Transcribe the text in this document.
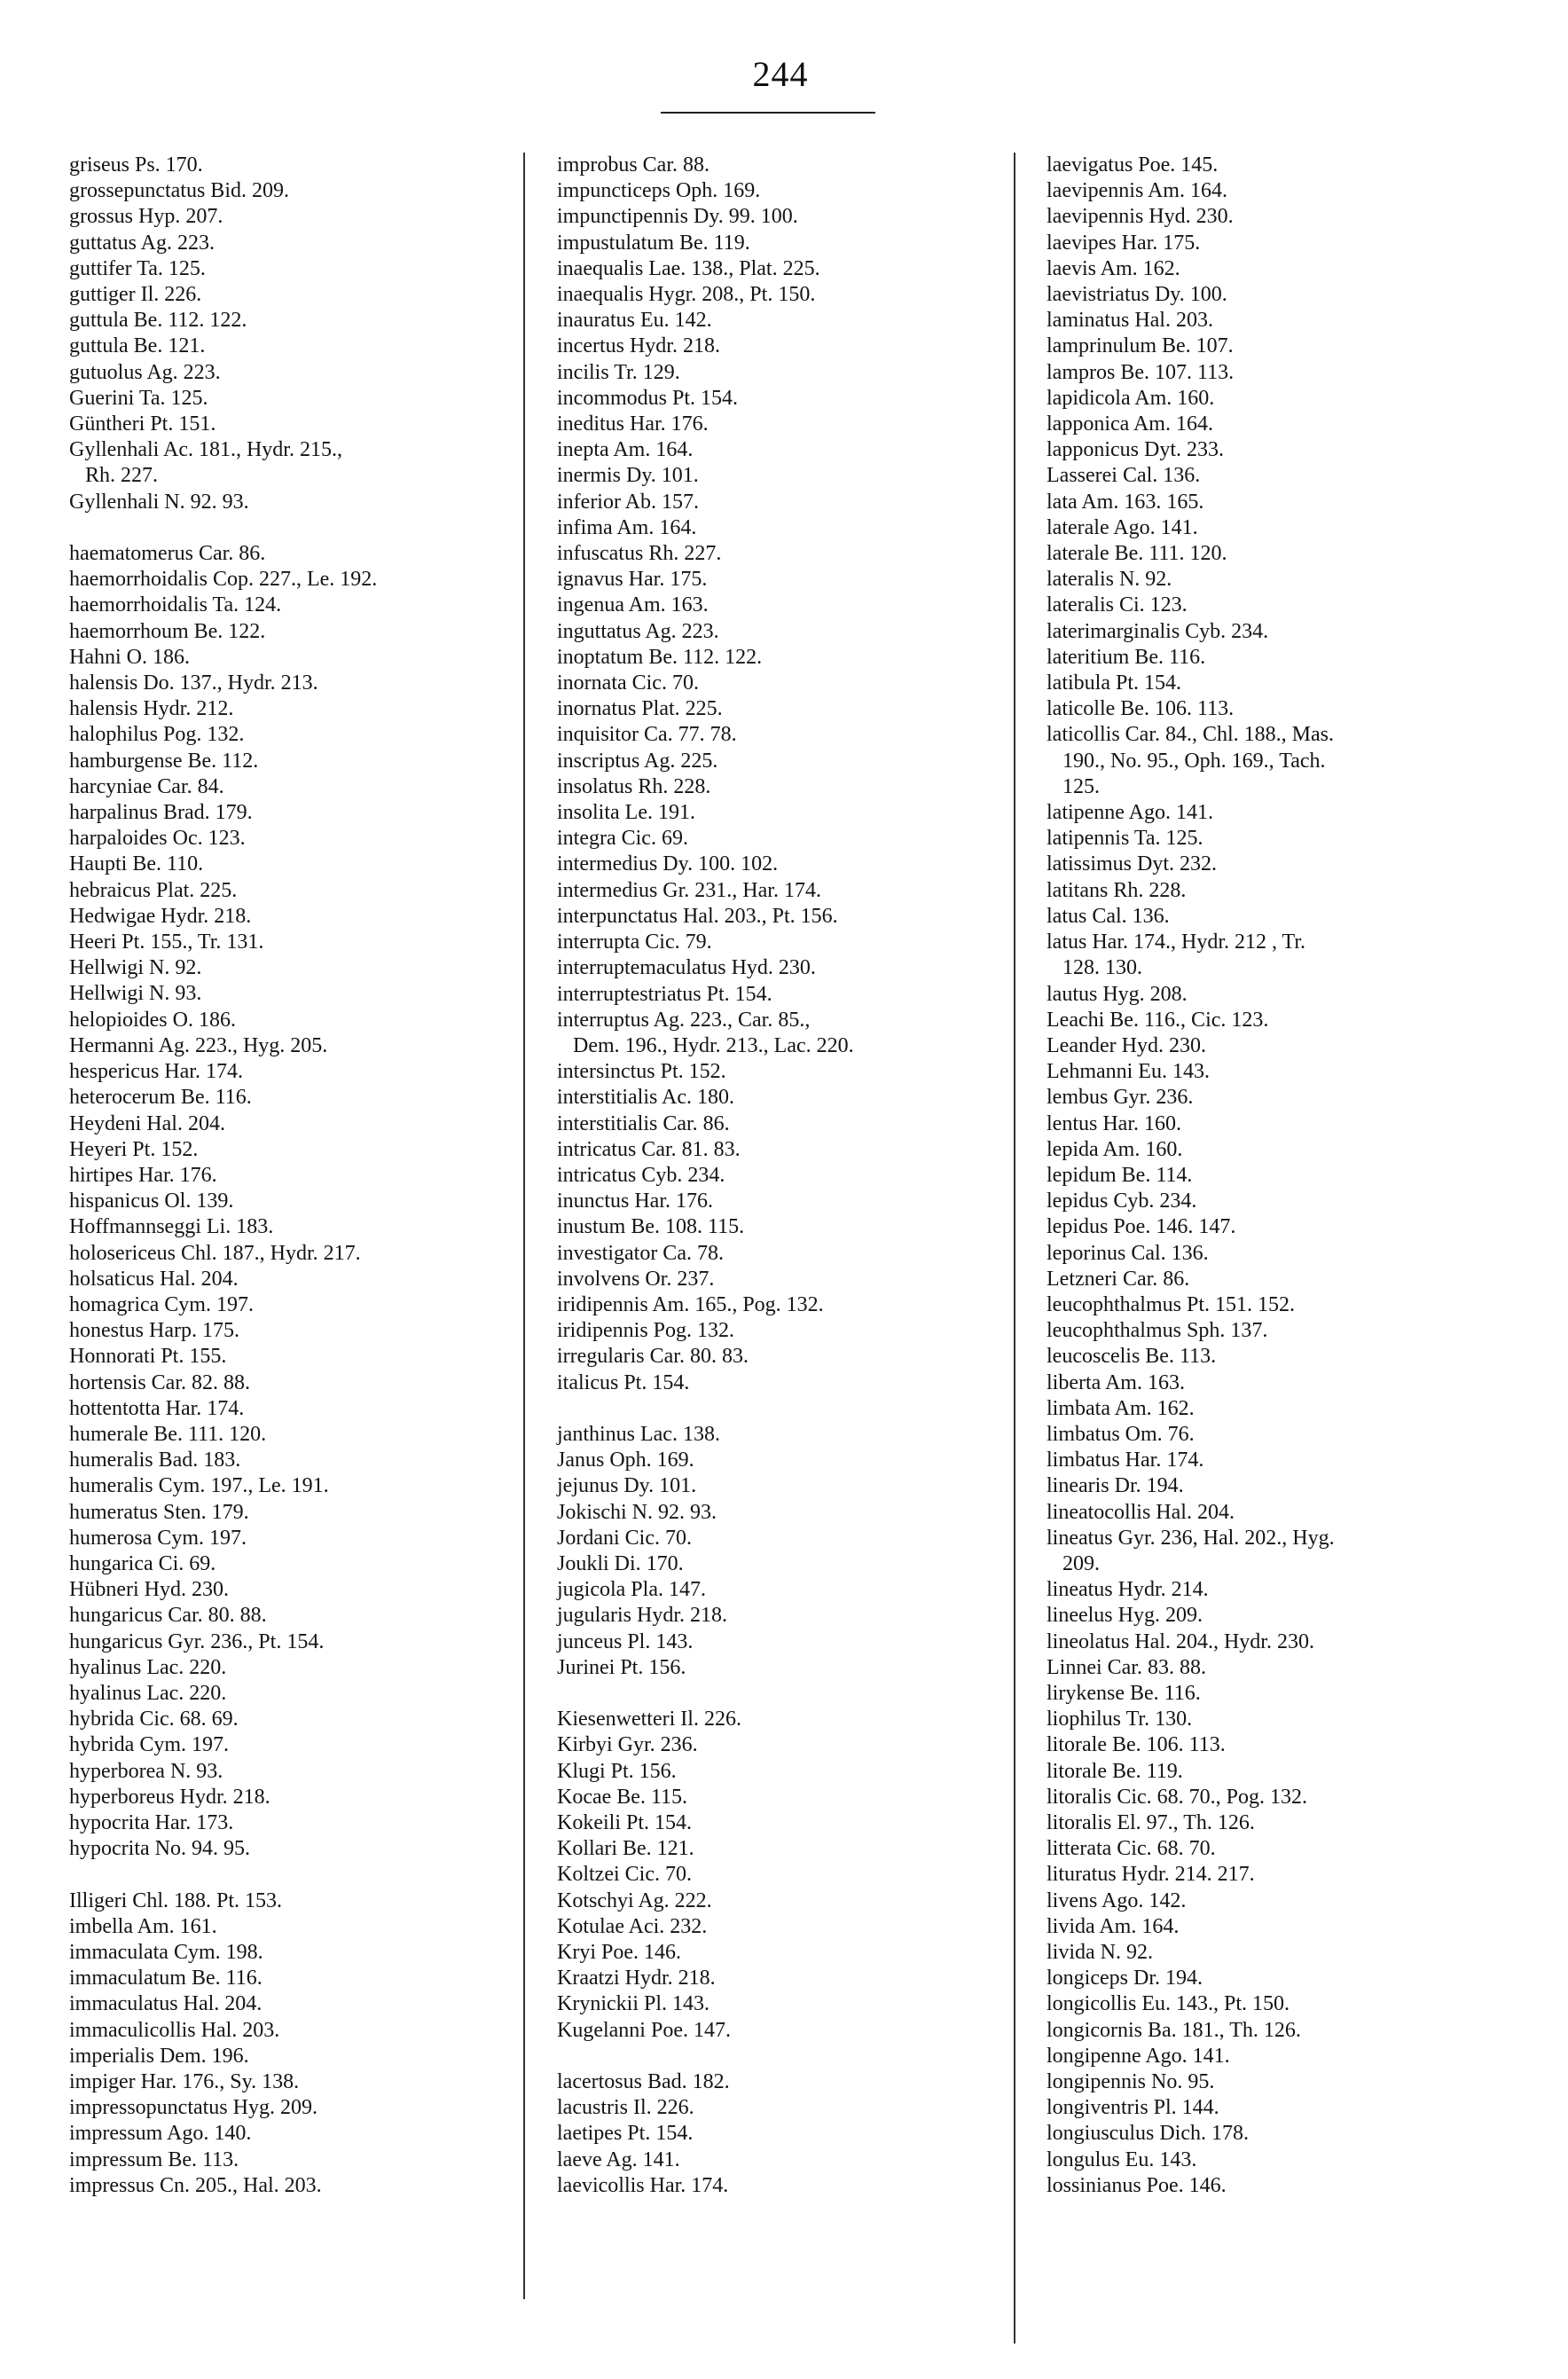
244
griseus Ps. 170.
grossepunctatus Bid. 209.
grossus Hyp. 207.
guttatus Ag. 223.
guttifer Ta. 125.
guttiger Il. 226.
guttula Be. 112. 122.
guttula Be. 121.
gutuolus Ag. 223.
Guerini Ta. 125.
Güntheri Pt. 151.
Gyllenhali Ac. 181., Hydr. 215.,
Rh. 227.
Gyllenhali N. 92. 93.
haematomerus Car. 86.
haemorrhoidalis Cop. 227., Le. 192.
haemorrhoidalis Ta. 124.
haemorrhoum Be. 122.
Hahni O. 186.
halensis Do. 137., Hydr. 213.
halensis Hydr. 212.
halophilus Pog. 132.
hamburgense Be. 112.
harcyniae Car. 84.
harpalinus Brad. 179.
harpaloides Oc. 123.
Haupti Be. 110.
hebraicus Plat. 225.
Hedwigae Hydr. 218.
Heeri Pt. 155., Tr. 131.
Hellwigi N. 92.
Hellwigi N. 93.
helopioides O. 186.
Hermanni Ag. 223., Hyg. 205.
hespericus Har. 174.
heterocerum Be. 116.
Heydeni Hal. 204.
Heyeri Pt. 152.
hirtipes Har. 176.
hispanicus Ol. 139.
Hoffmannseggi Li. 183.
holosericeus Chl. 187., Hydr. 217.
holsaticus Hal. 204.
homagrica Cym. 197.
honestus Harp. 175.
Honnorati Pt. 155.
hortensis Car. 82. 88.
hottentotta Har. 174.
humerale Be. 111. 120.
humeralis Bad. 183.
humeralis Cym. 197., Le. 191.
humeratus Sten. 179.
humerosa Cym. 197.
hungarica Ci. 69.
Hübneri Hyd. 230.
hungaricus Car. 80. 88.
hungaricus Gyr. 236., Pt. 154.
hyalinus Lac. 220.
hyalinus Lac. 220.
hybrida Cic. 68. 69.
hybrida Cym. 197.
hyperborea N. 93.
hyperboreus Hydr. 218.
hypocrita Har. 173.
hypocrita No. 94. 95.
Illigeri Chl. 188. Pt. 153.
imbella Am. 161.
immaculata Cym. 198.
immaculatum Be. 116.
immaculatus Hal. 204.
immaculicollis Hal. 203.
imperialis Dem. 196.
impiger Har. 176., Sy. 138.
impressopunctatus Hyg. 209.
impressum Ago. 140.
impressum Be. 113.
impressus Cn. 205., Hal. 203.
improbus Car. 88.
impuncticeps Oph. 169.
impunctipennis Dy. 99. 100.
impustulatum Be. 119.
inaequalis Lae. 138., Plat. 225.
inaequalis Hygr. 208., Pt. 150.
inauratus Eu. 142.
incertus Hydr. 218.
incilis Tr. 129.
incommodus Pt. 154.
ineditus Har. 176.
inepta Am. 164.
inermis Dy. 101.
inferior Ab. 157.
infima Am. 164.
infuscatus Rh. 227.
ignavus Har. 175.
ingenua Am. 163.
inguttatus Ag. 223.
inoptatum Be. 112. 122.
inornata Cic. 70.
inornatus Plat. 225.
inquisitor Ca. 77. 78.
inscriptus Ag. 225.
insolatus Rh. 228.
insolita Le. 191.
integra Cic. 69.
intermedius Dy. 100. 102.
intermedius Gr. 231., Har. 174.
interpunctatus Hal. 203., Pt. 156.
interrupta Cic. 79.
interruptemaculatus Hyd. 230.
interruptestriatus Pt. 154.
interruptus Ag. 223., Car. 85.,
Dem. 196., Hydr. 213., Lac. 220.
intersinctus Pt. 152.
interstitialis Ac. 180.
interstitialis Car. 86.
intricatus Car. 81. 83.
intricatus Cyb. 234.
inunctus Har. 176.
inustum Be. 108. 115.
investigator Ca. 78.
involvens Or. 237.
iridipennis Am. 165., Pog. 132.
iridipennis Pog. 132.
irregularis Car. 80. 83.
italicus Pt. 154.
janthinus Lac. 138.
Janus Oph. 169.
jejunus Dy. 101.
Jokischi N. 92. 93.
Jordani Cic. 70.
Joukli Di. 170.
jugicola Pla. 147.
jugularis Hydr. 218.
junceus Pl. 143.
Jurinei Pt. 156.
Kiesenwetteri Il. 226.
Kirbyi Gyr. 236.
Klugi Pt. 156.
Kocae Be. 115.
Kokeili Pt. 154.
Kollari Be. 121.
Koltzei Cic. 70.
Kotschyi Ag. 222.
Kotulae Aci. 232.
Kryi Poe. 146.
Kraatzi Hydr. 218.
Krynickii Pl. 143.
Kugelanni Poe. 147.
lacertosus Bad. 182.
lacustris Il. 226.
laetipes Pt. 154.
laeve Ag. 141.
laevicollis Har. 174.
laevigatus Poe. 145.
laevipennis Am. 164.
laevipennis Hyd. 230.
laevipes Har. 175.
laevis Am. 162.
laevistriatus Dy. 100.
laminatus Hal. 203.
lamprinulum Be. 107.
lampros Be. 107. 113.
lapidicola Am. 160.
lapponica Am. 164.
lapponicus Dyt. 233.
Lasserei Cal. 136.
lata Am. 163. 165.
laterale Ago. 141.
laterale Be. 111. 120.
lateralis N. 92.
lateralis Ci. 123.
laterimarginalis Cyb. 234.
lateritium Be. 116.
latibula Pt. 154.
laticolle Be. 106. 113.
laticollis Car. 84., Chl. 188., Mas.
190., No. 95., Oph. 169., Tach.
125.
latipenne Ago. 141.
latipennis Ta. 125.
latissimus Dyt. 232.
latitans Rh. 228.
latus Cal. 136.
latus Har. 174., Hydr. 212 , Tr.
128. 130.
lautus Hyg. 208.
Leachi Be. 116., Cic. 123.
Leander Hyd. 230.
Lehmanni Eu. 143.
lembus Gyr. 236.
lentus Har. 160.
lepida Am. 160.
lepidum Be. 114.
lepidus Cyb. 234.
lepidus Poe. 146. 147.
leporinus Cal. 136.
Letzneri Car. 86.
leucophthalmus Pt. 151. 152.
leucophthalmus Sph. 137.
leucoscelis Be. 113.
liberta Am. 163.
limbata Am. 162.
limbatus Om. 76.
limbatus Har. 174.
linearis Dr. 194.
lineatocollis Hal. 204.
lineatus Gyr. 236, Hal. 202., Hyg.
209.
lineatus Hydr. 214.
lineelus Hyg. 209.
lineolatus Hal. 204., Hydr. 230.
Linnei Car. 83. 88.
lirykense Be. 116.
liophilus Tr. 130.
litorale Be. 106. 113.
litorale Be. 119.
litoralis Cic. 68. 70., Pog. 132.
litoralis El. 97., Th. 126.
litterata Cic. 68. 70.
lituratus Hydr. 214. 217.
livens Ago. 142.
livida Am. 164.
livida N. 92.
longiceps Dr. 194.
longicollis Eu. 143., Pt. 150.
longicornis Ba. 181., Th. 126.
longipenne Ago. 141.
longipennis No. 95.
longiventris Pl. 144.
longiusculus Dich. 178.
longulus Eu. 143.
lossinianus Poe. 146.
